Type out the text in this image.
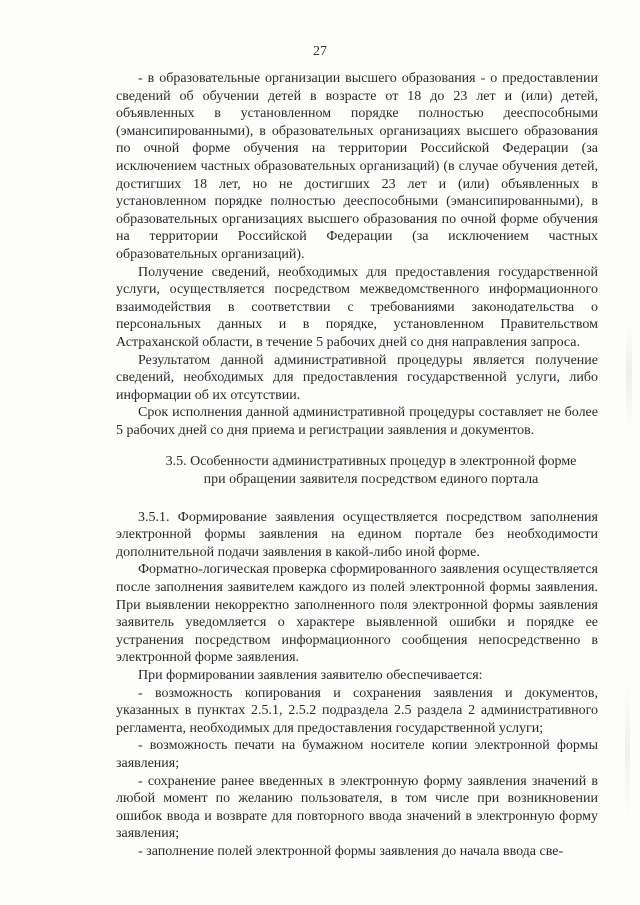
27

- в образовательные организации высшего образования - о предоставлении сведений об обучении детей в возрасте от 18 до 23 лет и (или) детей, объявленных в установленном порядке полностью дееспособными (эмансипированными), в образовательных организациях высшего образования по очной форме обучения на территории Российской Федерации (за исключением частных образовательных организаций) (в случае обучения детей, достигших 18 лет, но не достигших 23 лет и (или) объявленных в установленном порядке полностью дееспособными (эмансипированными), в образовательных организациях высшего образования по очной форме обучения на территории Российской Федерации (за исключением частных образовательных организаций).

Получение сведений, необходимых для предоставления государственной услуги, осуществляется посредством межведомственного информационного взаимодействия в соответствии с требованиями законодательства о персональных данных и в порядке, установленном Правительством Астраханской области, в течение 5 рабочих дней со дня направления запроса.

Результатом данной административной процедуры является получение сведений, необходимых для предоставления государственной услуги, либо информации об их отсутствии.

Срок исполнения данной административной процедуры составляет не более 5 рабочих дней со дня приема и регистрации заявления и документов.

3.5. Особенности административных процедур в электронной форме
при обращении заявителя посредством единого портала

3.5.1. Формирование заявления осуществляется посредством заполнения электронной формы заявления на едином портале без необходимости дополнительной подачи заявления в какой-либо иной форме.

Форматно-логическая проверка сформированного заявления осуществляется после заполнения заявителем каждого из полей электронной формы заявления. При выявлении некорректно заполненного поля электронной формы заявления заявитель уведомляется о характере выявленной ошибки и порядке ее устранения посредством информационного сообщения непосредственно в электронной форме заявления.

При формировании заявления заявителю обеспечивается:

- возможность копирования и сохранения заявления и документов, указанных в пунктах 2.5.1, 2.5.2 подраздела 2.5 раздела 2 административного регламента, необходимых для предоставления государственной услуги;

- возможность печати на бумажном носителе копии электронной формы заявления;

- сохранение ранее введенных в электронную форму заявления значений в любой момент по желанию пользователя, в том числе при возникновении ошибок ввода и возврате для повторного ввода значений в электронную форму заявления;

- заполнение полей электронной формы заявления до начала ввода све-
